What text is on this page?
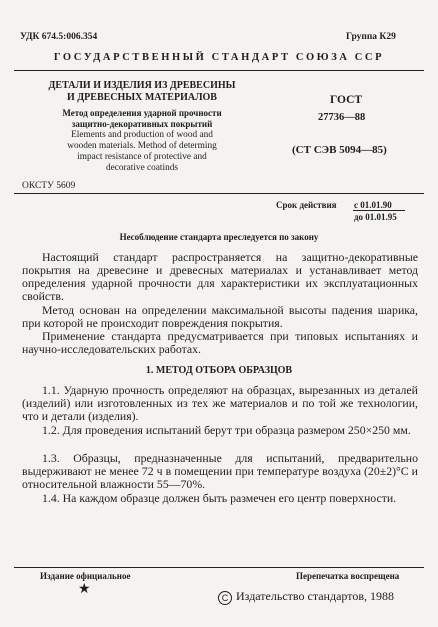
УДК 674.5:006.354	Группа К29
ГОСУДАРСТВЕННЫЙ СТАНДАРТ СОЮЗА ССР
ДЕТАЛИ И ИЗДЕЛИЯ ИЗ ДРЕВЕСИНЫ
И ДРЕВЕСНЫХ МАТЕРИАЛОВ
Метод определения ударной прочности
защитно-декоративных покрытий
Elements and production of wood and
wooden materials. Method of determing
impact resistance of protective and
decorative coatinds
ГОСТ
27736—88
(СТ СЭВ 5094—85)
ОКСТУ 5609
Срок действия с 01.01.90
до 01.01.95
Несоблюдение стандарта преследуется по закону
Настоящий стандарт распространяется на защитно-декоративные покрытия на древесине и древесных материалах и устанавливает метод определения ударной прочности для характеристики их эксплуатационных свойств.
Метод основан на определении максимальной высоты падения шарика, при которой не происходит повреждения покрытия.
Применение стандарта предусматривается при типовых испытаниях и научно-исследовательских работах.
1. МЕТОД ОТБОРА ОБРАЗЦОВ
1.1. Ударную прочность определяют на образцах, вырезанных из деталей (изделий) или изготовленных из тех же материалов и по той же технологии, что и детали (изделия).
1.2. Для проведения испытаний берут три образца размером 250×250 мм.
1.3. Образцы, предназначенные для испытаний, предварительно выдерживают не менее 72 ч в помещении при температуре воздуха (20±2)°С и относительной влажности 55—70%.
1.4. На каждом образце должен быть размечен его центр поверхности.
Издание официальное
★
Перепечатка воспрещена
C Издательство стандартов, 1988
